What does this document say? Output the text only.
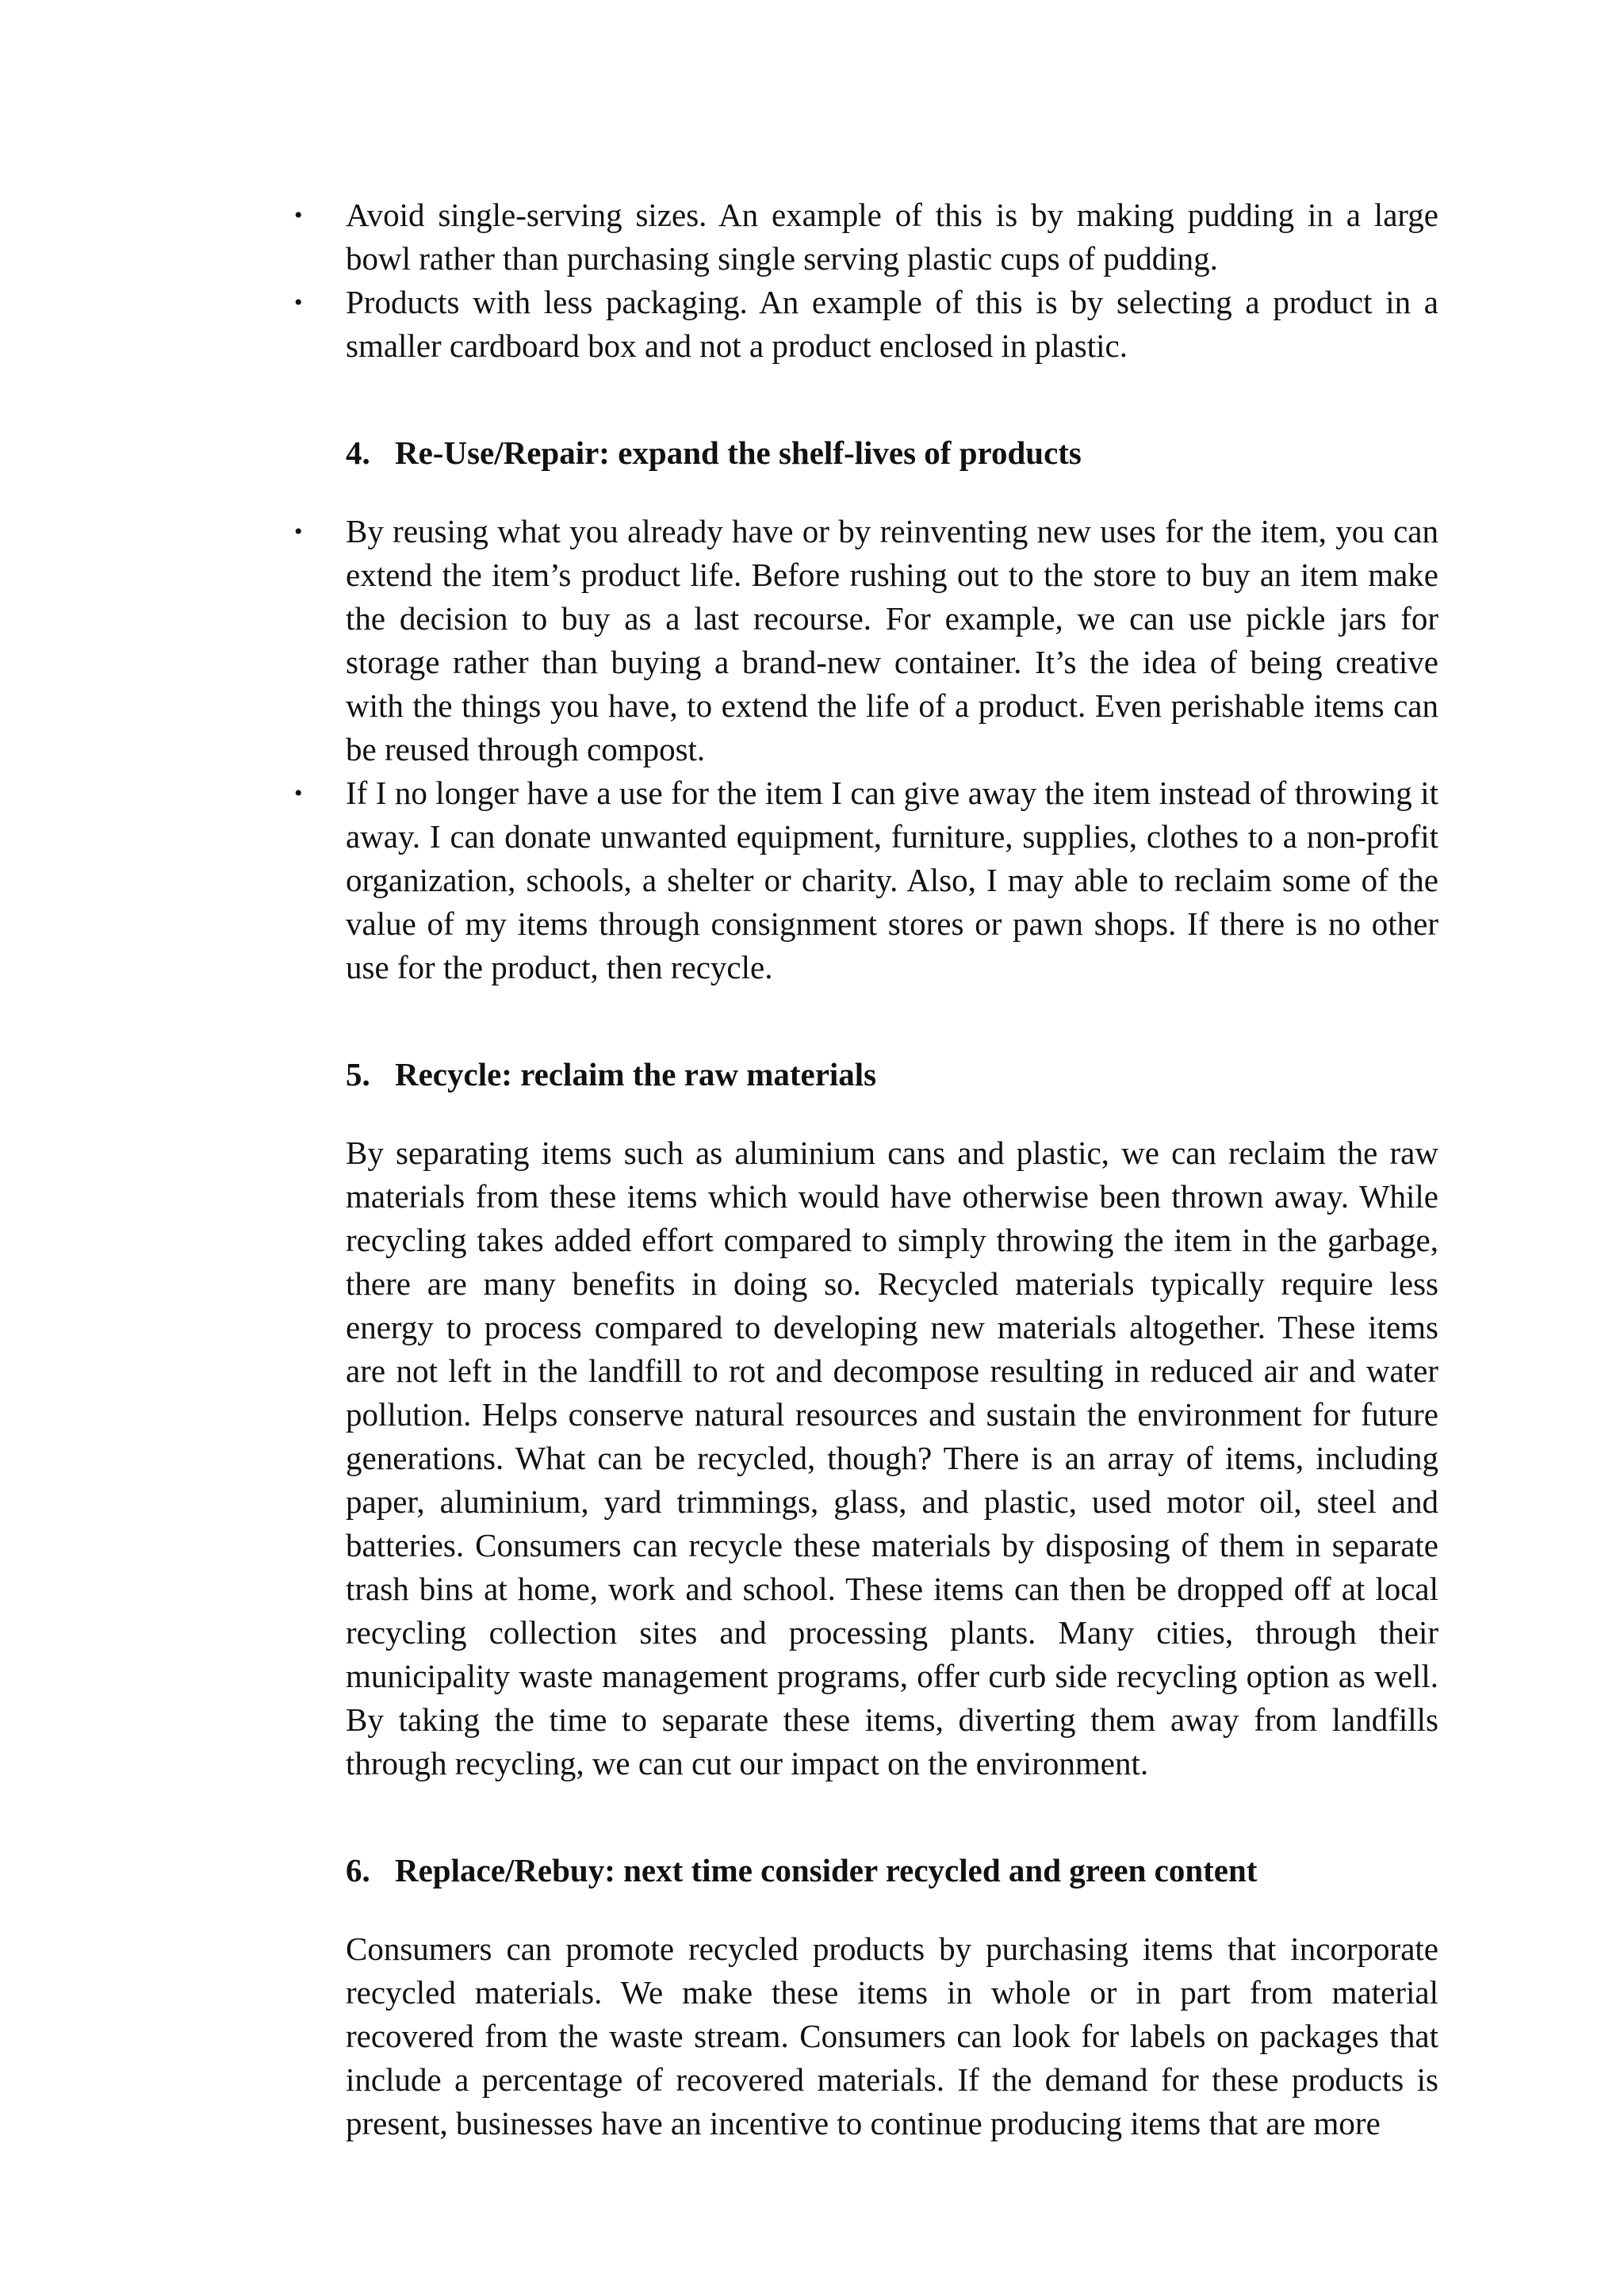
• Avoid single-serving sizes. An example of this is by making pudding in a large bowl rather than purchasing single serving plastic cups of pudding.
• Products with less packaging. An example of this is by selecting a product in a smaller cardboard box and not a product enclosed in plastic.
4. Re-Use/Repair: expand the shelf-lives of products
• By reusing what you already have or by reinventing new uses for the item, you can extend the item’s product life. Before rushing out to the store to buy an item make the decision to buy as a last recourse. For example, we can use pickle jars for storage rather than buying a brand-new container. It’s the idea of being creative with the things you have, to extend the life of a product. Even perishable items can be reused through compost.
• If I no longer have a use for the item I can give away the item instead of throwing it away. I can donate unwanted equipment, furniture, supplies, clothes to a non-profit organization, schools, a shelter or charity. Also, I may able to reclaim some of the value of my items through consignment stores or pawn shops. If there is no other use for the product, then recycle.
5. Recycle: reclaim the raw materials

By separating items such as aluminium cans and plastic, we can reclaim the raw materials from these items which would have otherwise been thrown away. While recycling takes added effort compared to simply throwing the item in the garbage, there are many benefits in doing so. Recycled materials typically require less energy to process compared to developing new materials altogether. These items are not left in the landfill to rot and decompose resulting in reduced air and water pollution. Helps conserve natural resources and sustain the environment for future generations. What can be recycled, though? There is an array of items, including paper, aluminium, yard trimmings, glass, and plastic, used motor oil, steel and batteries. Consumers can recycle these materials by disposing of them in separate trash bins at home, work and school. These items can then be dropped off at local recycling collection sites and processing plants. Many cities, through their municipality waste management programs, offer curb side recycling option as well. By taking the time to separate these items, diverting them away from landfills through recycling, we can cut our impact on the environment.

6. Replace/Rebuy: next time consider recycled and green content

Consumers can promote recycled products by purchasing items that incorporate recycled materials. We make these items in whole or in part from material recovered from the waste stream. Consumers can look for labels on packages that include a percentage of recovered materials. If the demand for these products is present, businesses have an incentive to continue producing items that are more
